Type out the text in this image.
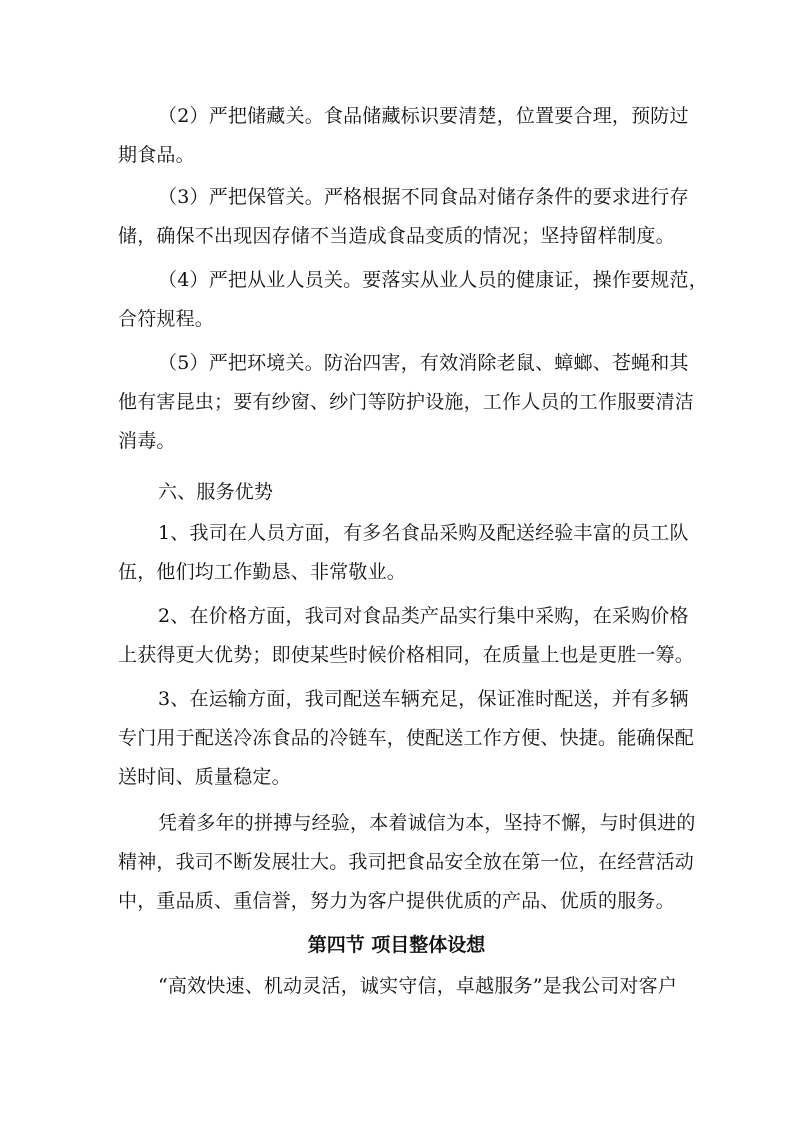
（2）严把储藏关。食品储藏标识要清楚，位置要合理，预防过
期食品。
（3）严把保管关。严格根据不同食品对储存条件的要求进行存
储，确保不出现因存储不当造成食品变质的情况；坚持留样制度。
（4）严把从业人员关。要落实从业人员的健康证，操作要规范，
合符规程。
（5）严把环境关。防治四害，有效消除老鼠、蟑螂、苍蝇和其
他有害昆虫；要有纱窗、纱门等防护设施，工作人员的工作服要清洁
消毒。
六、服务优势
1、我司在人员方面，有多名食品采购及配送经验丰富的员工队
伍，他们均工作勤恳、非常敬业。
2、在价格方面，我司对食品类产品实行集中采购，在采购价格
上获得更大优势；即使某些时候价格相同，在质量上也是更胜一筹。
3、在运输方面，我司配送车辆充足，保证准时配送，并有多辆
专门用于配送冷冻食品的冷链车，使配送工作方便、快捷。能确保配
送时间、质量稳定。
凭着多年的拼搏与经验，本着诚信为本，坚持不懈，与时俱进的
精神，我司不断发展壮大。我司把食品安全放在第一位，在经营活动
中，重品质、重信誉，努力为客户提供优质的产品、优质的服务。
第四节 项目整体设想
“高效快速、机动灵活，诚实守信，卓越服务”是我公司对客户
